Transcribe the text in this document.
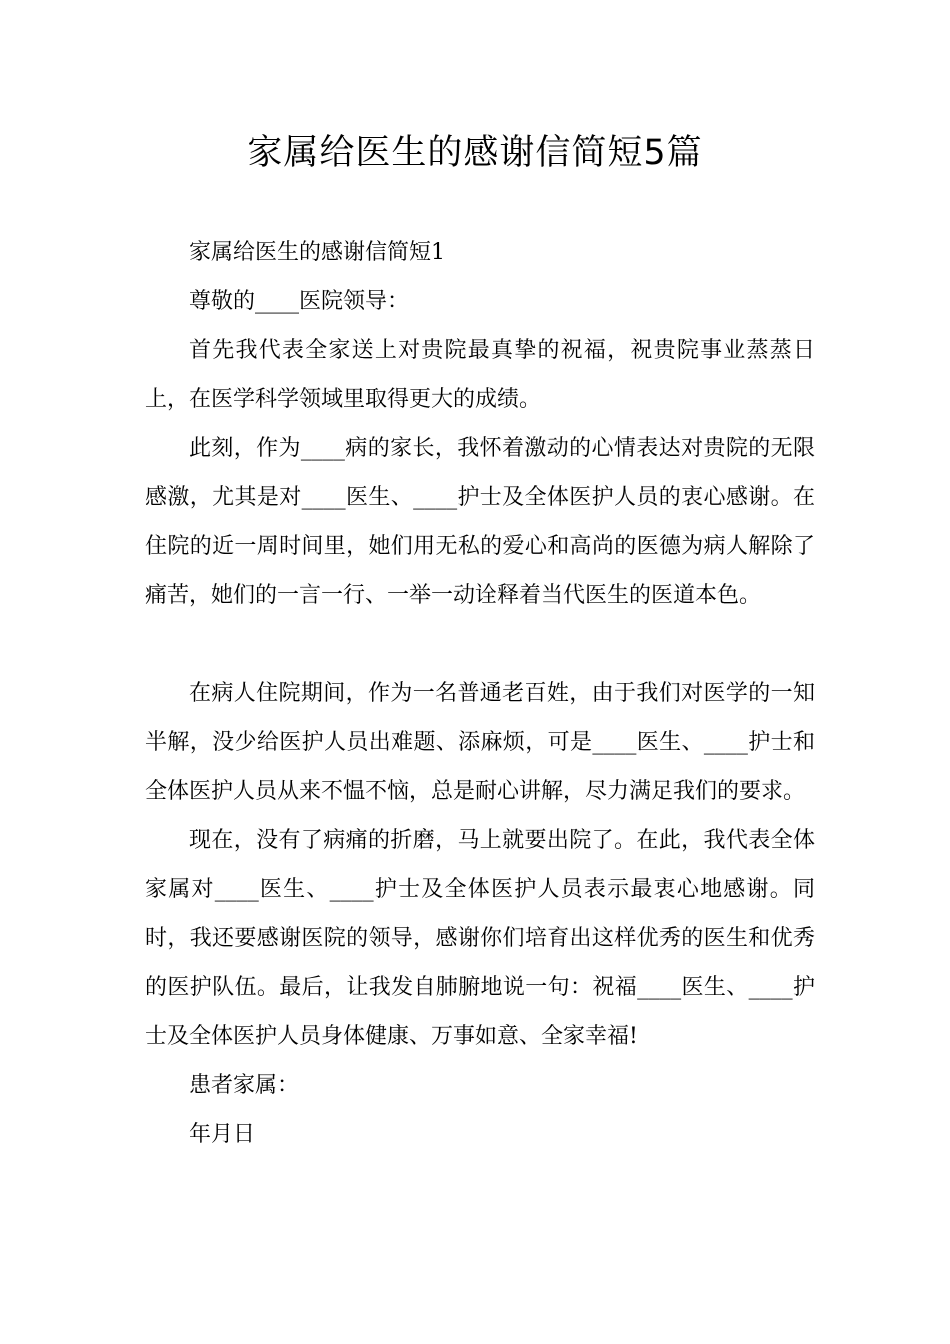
家属给医生的感谢信简短5篇

家属给医生的感谢信简短1

尊敬的____医院领导：

首先我代表全家送上对贵院最真挚的祝福，祝贵院事业蒸蒸日上，在医学科学领域里取得更大的成绩。

此刻，作为____病的家长，我怀着激动的心情表达对贵院的无限感激，尤其是对____医生、____护士及全体医护人员的衷心感谢。在住院的近一周时间里，她们用无私的爱心和高尚的医德为病人解除了痛苦，她们的一言一行、一举一动诠释着当代医生的医道本色。

在病人住院期间，作为一名普通老百姓，由于我们对医学的一知半解，没少给医护人员出难题、添麻烦，可是____医生、____护士和全体医护人员从来不愠不恼，总是耐心讲解，尽力满足我们的要求。

现在，没有了病痛的折磨，马上就要出院了。在此，我代表全体家属对____医生、____护士及全体医护人员表示最衷心地感谢。同时，我还要感谢医院的领导，感谢你们培育出这样优秀的医生和优秀的医护队伍。最后，让我发自肺腑地说一句：祝福____医生、____护士及全体医护人员身体健康、万事如意、全家幸福!

患者家属：

年月日
